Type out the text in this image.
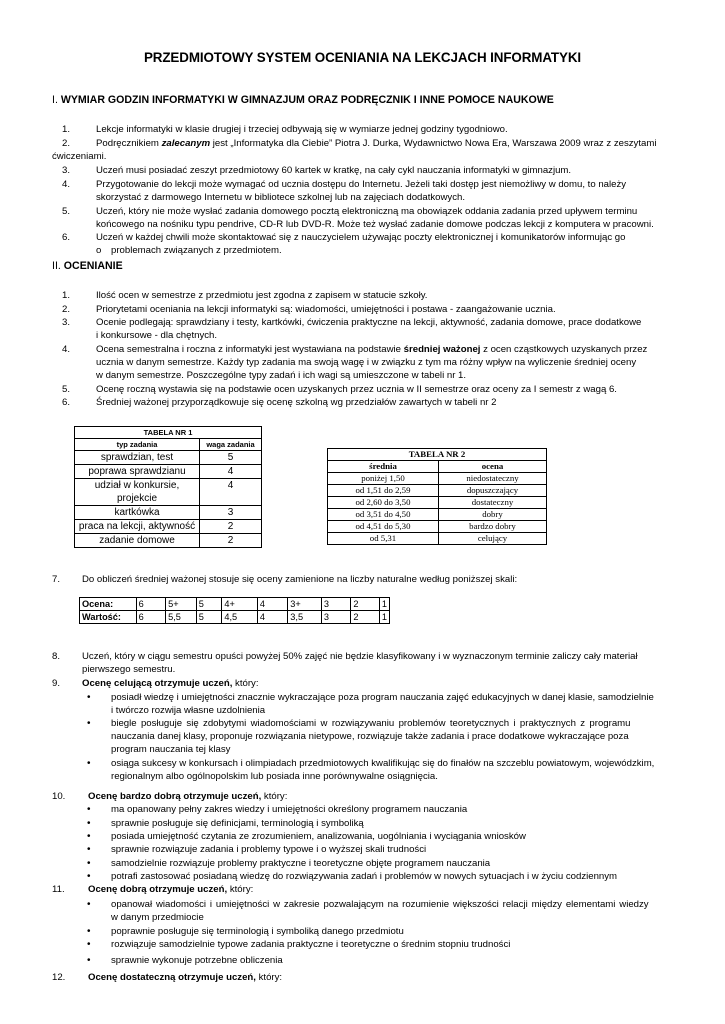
PRZEDMIOTOWY SYSTEM OCENIANIA NA LEKCJACH INFORMATYKI
I. WYMIAR GODZIN INFORMATYKI W GIMNAZJUM ORAZ PODRĘCZNIK I INNE POMOCE NAUKOWE
1.	Lekcje informatyki w klasie drugiej i trzeciej odbywają się w wymiarze jednej godziny tygodniowo.
2.	Podręcznikiem zalecanym jest „Informatyka dla Ciebie” Piotra J. Durka, Wydawnictwo Nowa Era, Warszawa 2009 wraz z zeszytami
ćwiczeniami.
3.	Uczeń musi posiadać zeszyt przedmiotowy 60 kartek w kratkę, na cały cykl nauczania informatyki w gimnazjum.
4.	Przygotowanie do lekcji może wymagać od ucznia dostępu do Internetu. Jeżeli taki dostęp jest niemożliwy w domu, to należy
skorzystać z darmowego Internetu w bibliotece szkolnej lub na zajęciach dodatkowych.
5.	Uczeń, który nie może wysłać zadania domowego pocztą elektroniczną ma obowiązek oddania zadania przed upływem terminu
końcowego na nośniku typu pendrive, CD-R lub DVD-R. Może też wysłać zadanie domowe podczas lekcji z komputera w pracowni.
6.	Uczeń w każdej chwili może skontaktować się z nauczycielem używając poczty elektronicznej i komunikatorów informując go
o problemach związanych z przedmiotem.
II. OCENIANIE
1.	Ilość ocen w semestrze z przedmiotu jest zgodna z zapisem w statucie szkoły.
2.	Priorytetami oceniania na lekcji informatyki są: wiadomości, umiejętności i postawa - zaangażowanie ucznia.
3.	Ocenie podlegają: sprawdziany i testy, kartkówki, ćwiczenia praktyczne na lekcji, aktywność, zadania domowe, prace dodatkowe
i konkursowe - dla chętnych.
4.	Ocena semestralna i roczna z informatyki jest wystawiana na podstawie średniej ważonej z ocen cząstkowych uzyskanych przez
ucznia w danym semestrze. Każdy typ zadania ma swoją wagę i w związku z tym ma różny wpływ na wyliczenie średniej oceny
w danym semestrze. Poszczególne typy zadań i ich wagi są umieszczone w tabeli nr 1.
5.	Ocenę roczną wystawia się na podstawie ocen uzyskanych przez ucznia w II semestrze oraz oceny za I semestr z wagą 6.
6.	Średniej ważonej przyporządkowuje się ocenę szkolną wg przedziałów zawartych w tabeli nr 2
TABELA NR 1	
typ zadania	waga zadania
sprawdzian, test	5
poprawa sprawdzianu	4

udział w konkursie,
projekcie	4
kartkówka	3
praca na lekcji, aktywność	2
zadanie domowe	2
TABELA NR 2	
średnia	ocena
poniżej 1,50	niedostateczny
od 1,51 do 2,59	dopuszczający
od 2,60 do 3,50	dostateczny
od 3,51 do 4,50	dobry
od 4,51 do 5,30	bardzo dobry
od 5,31	celujący
7. Do obliczeń średniej ważonej stosuje się oceny zamienione na liczby naturalne według poniższej skali:
Ocena:	6	5+	5	4+	4	3+	3	2	1
Wartość:	6	5,5	5	4,5	4	3,5	3	2	1
8. Uczeń, który w ciągu semestru opuści powyżej 50% zajęć nie będzie klasyfikowany i w wyznaczonym terminie zaliczy cały materiał
pierwszego semestru.
9. Ocenę celującą otrzymuje uczeń, który:
• posiadł wiedzę i umiejętności znacznie wykraczające poza program nauczania zajęć edukacyjnych w danej klasie, samodzielnie
i twórczo rozwija własne uzdolnienia
• biegle posługuje się zdobytymi wiadomościami w rozwiązywaniu problemów teoretycznych i praktycznych z programu
nauczania danej klasy, proponuje rozwiązania nietypowe, rozwiązuje także zadania i prace dodatkowe wykraczające poza
program nauczania tej klasy
• osiąga sukcesy w konkursach i olimpiadach przedmiotowych kwalifikując się do finałów na szczeblu powiatowym, wojewódzkim,
regionalnym albo ogólnopolskim lub posiada inne porównywalne osiągnięcia.
10. Ocenę bardzo dobrą otrzymuje uczeń, który:
• ma opanowany pełny zakres wiedzy i umiejętności określony programem nauczania
• sprawnie posługuje się definicjami, terminologią i symboliką
• posiada umiejętność czytania ze zrozumieniem, analizowania, uogólniania i wyciągania wniosków
• sprawnie rozwiązuje zadania i problemy typowe i o wyższej skali trudności
• samodzielnie rozwiązuje problemy praktyczne i teoretyczne objęte programem nauczania
• potrafi zastosować posiadaną wiedzę do rozwiązywania zadań i problemów w nowych sytuacjach i w życiu codziennym
11. Ocenę dobrą otrzymuje uczeń, który:
• opanował wiadomości i umiejętności w zakresie pozwalającym na rozumienie większości relacji między elementami wiedzy
w danym przedmiocie
• poprawnie posługuje się terminologią i symboliką danego przedmiotu
• rozwiązuje samodzielnie typowe zadania praktyczne i teoretyczne o średnim stopniu trudności
• sprawnie wykonuje potrzebne obliczenia
12. Ocenę dostateczną otrzymuje uczeń, który:
